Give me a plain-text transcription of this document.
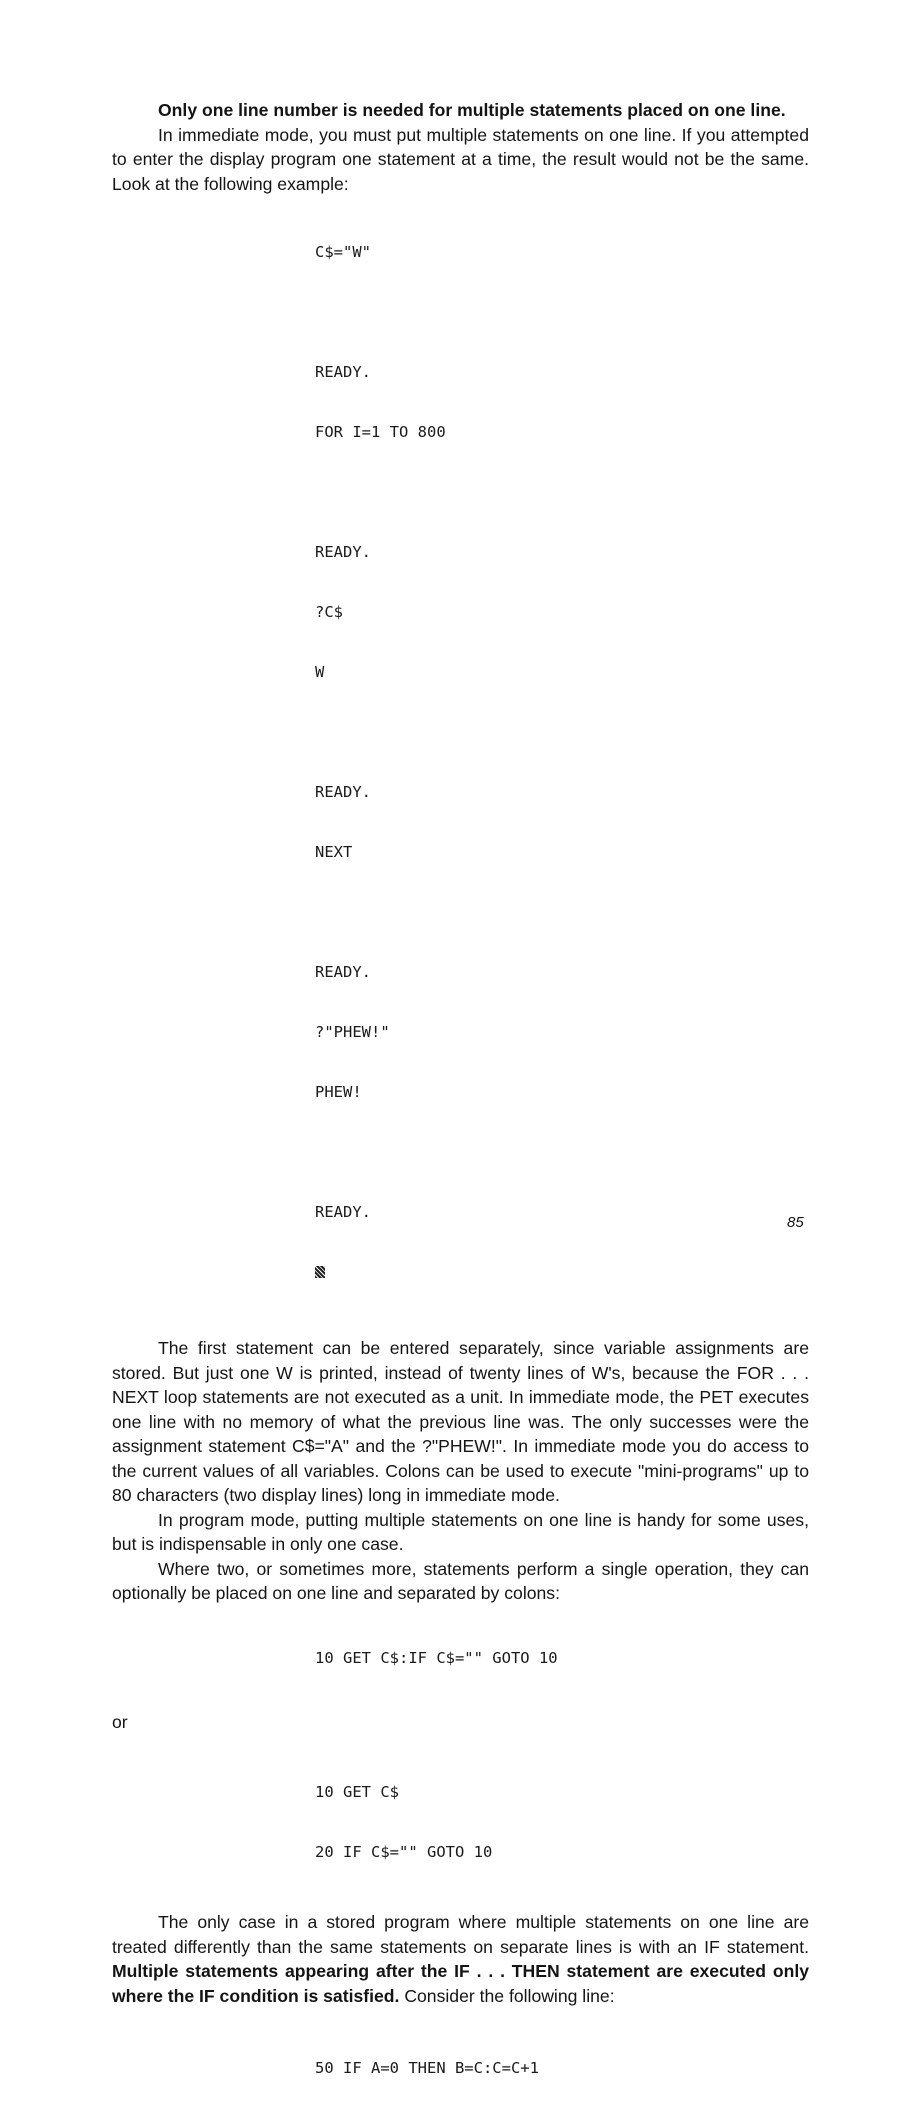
Only one line number is needed for multiple statements placed on one line.

In immediate mode, you must put multiple statements on one line. If you attempted to enter the display program one statement at a time, the result would not be the same. Look at the following example:

C$="W"

READY.

FOR I=1 TO 800

READY.

?C$

W

READY.

NEXT

READY.

?"PHEW!"

PHEW!

READY.

The first statement can be entered separately, since variable assignments are stored. But just one W is printed, instead of twenty lines of W's, because the FOR . . . NEXT loop statements are not executed as a unit. In immediate mode, the PET executes one line with no memory of what the previous line was. The only successes were the assignment statement C$="A" and the ?"PHEW!". In immediate mode you do access to the current values of all variables. Colons can be used to execute "mini-programs" up to 80 characters (two display lines) long in immediate mode.

In program mode, putting multiple statements on one line is handy for some uses, but is indispensable in only one case.

Where two, or sometimes more, statements perform a single operation, they can optionally be placed on one line and separated by colons:

10 GET C$:IF C$="" GOTO 10

or

10 GET C$

20 IF C$="" GOTO 10

The only case in a stored program where multiple statements on one line are treated differently than the same statements on separate lines is with an IF statement. Multiple statements appearing after the IF . . . THEN statement are executed only where the IF condition is satisfied. Consider the following line:

50 IF A=0 THEN B=C:C=C+1

85
